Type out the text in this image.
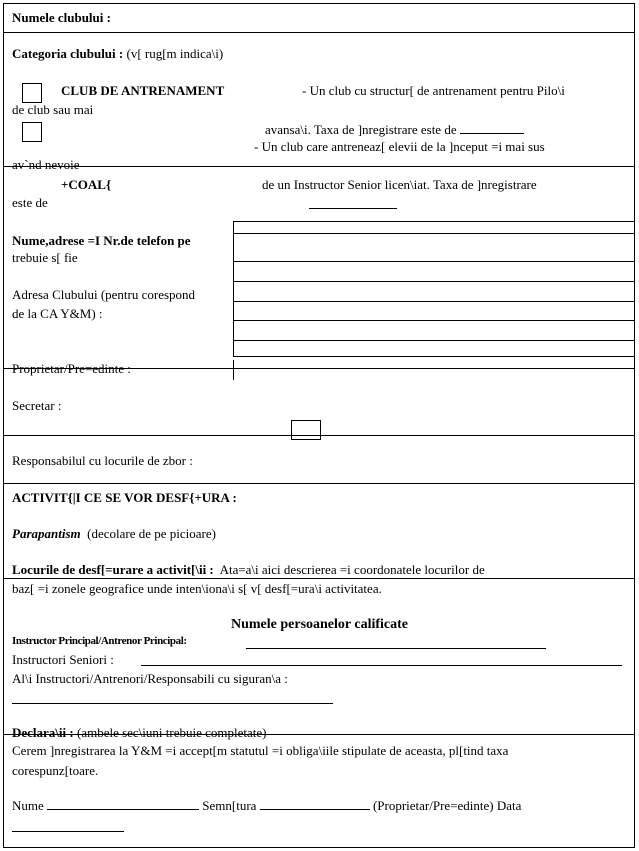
Numele clubului :
Categoria clubului : (v[ rug[m indica\i)
CLUB DE ANTRENAMENT	- Un club cu structur[ de antrenament pentru Pilo\i
de club sau mai
avansa\i. Taxa de ]nregistrare este de
- Un club care antreneaz[ elevii de la ]nceput =i mai sus
av`nd nevoie
+COAL{	de un Instructor Senior licen\iat. Taxa de ]nregistrare
este de
Nume,adrese =I Nr.de telefon pe
trebuie s[ fie
Adresa Clubului (pentru corespond
de la CA Y&M) :
Proprietar/Pre=edinte :
Secretar :
Responsabilul cu locurile de zbor :
ACTIVIT{|I CE SE VOR DESF{+URA :
Parapantism (decolare de pe picioare)
Locurile de desf[=urare a activit[\ii : Ata=a\i aici descrierea =i coordonatele locurilor de
baz[ =i zonele geografice unde inten\iona\i s[ v[ desf[=ura\i activitatea.
Numele persoanelor calificate
Instructor Principal/Antrenor Principal:
Instructori Seniori :
Al\i Instructori/Antrenori/Responsabili cu siguran\a :
Declara\ii : (ambele sec\iuni trebuie completate)
Cerem ]nregistrarea la Y&M =i accept[m statutul =i obliga\iile stipulate de aceasta, pl[tind taxa
corespunz[toare.
Nume	Semn[tura	(Proprietar/Pre=edinte) Data
